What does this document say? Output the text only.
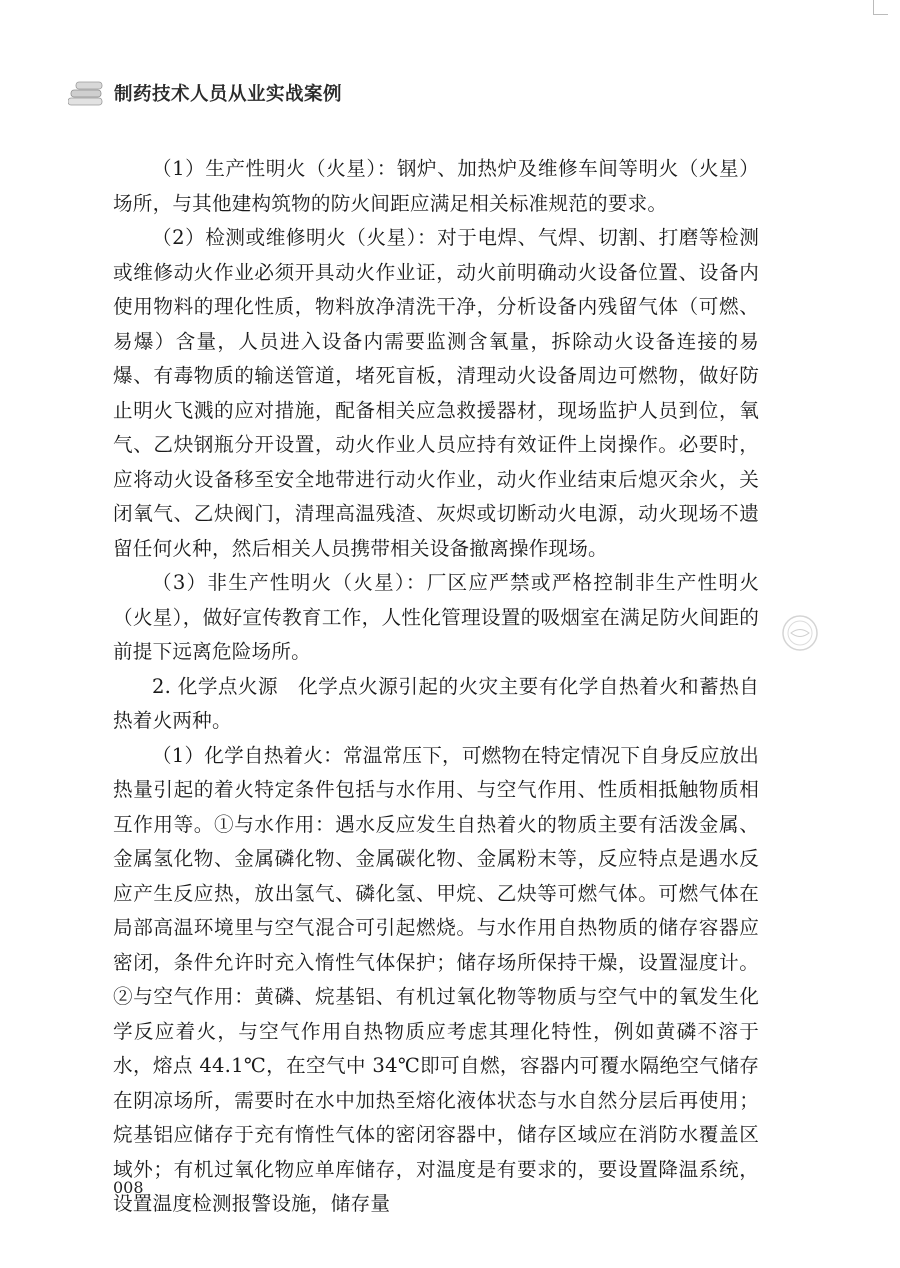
制药技术人员从业实战案例

（1）生产性明火（火星）：钢炉、加热炉及维修车间等明火（火星）场所，与其他建构筑物的防火间距应满足相关标准规范的要求。

（2）检测或维修明火（火星）：对于电焊、气焊、切割、打磨等检测或维修动火作业必须开具动火作业证，动火前明确动火设备位置、设备内使用物料的理化性质，物料放净清洗干净，分析设备内残留气体（可燃、易爆）含量，人员进入设备内需要监测含氧量，拆除动火设备连接的易爆、有毒物质的输送管道，堵死盲板，清理动火设备周边可燃物，做好防止明火飞溅的应对措施，配备相关应急救援器材，现场监护人员到位，氧气、乙炔钢瓶分开设置，动火作业人员应持有效证件上岗操作。必要时，应将动火设备移至安全地带进行动火作业，动火作业结束后熄灭余火，关闭氧气、乙炔阀门，清理高温残渣、灰烬或切断动火电源，动火现场不遗留任何火种，然后相关人员携带相关设备撤离操作现场。

（3）非生产性明火（火星）：厂区应严禁或严格控制非生产性明火（火星），做好宣传教育工作，人性化管理设置的吸烟室在满足防火间距的前提下远离危险场所。

2. 化学点火源　化学点火源引起的火灾主要有化学自热着火和蓄热自热着火两种。

（1）化学自热着火：常温常压下，可燃物在特定情况下自身反应放出热量引起的着火特定条件包括与水作用、与空气作用、性质相抵触物质相互作用等。①与水作用：遇水反应发生自热着火的物质主要有活泼金属、金属氢化物、金属磷化物、金属碳化物、金属粉末等，反应特点是遇水反应产生反应热，放出氢气、磷化氢、甲烷、乙炔等可燃气体。可燃气体在局部高温环境里与空气混合可引起燃烧。与水作用自热物质的储存容器应密闭，条件允许时充入惰性气体保护；储存场所保持干燥，设置湿度计。②与空气作用：黄磷、烷基铝、有机过氧化物等物质与空气中的氧发生化学反应着火，与空气作用自热物质应考虑其理化特性，例如黄磷不溶于水，熔点 44.1℃，在空气中 34℃即可自燃，容器内可覆水隔绝空气储存在阴凉场所，需要时在水中加热至熔化液体状态与水自然分层后再使用；烷基铝应储存于充有惰性气体的密闭容器中，储存区域应在消防水覆盖区域外；有机过氧化物应单库储存，对温度是有要求的，要设置降温系统，设置温度检测报警设施，储存量

008
